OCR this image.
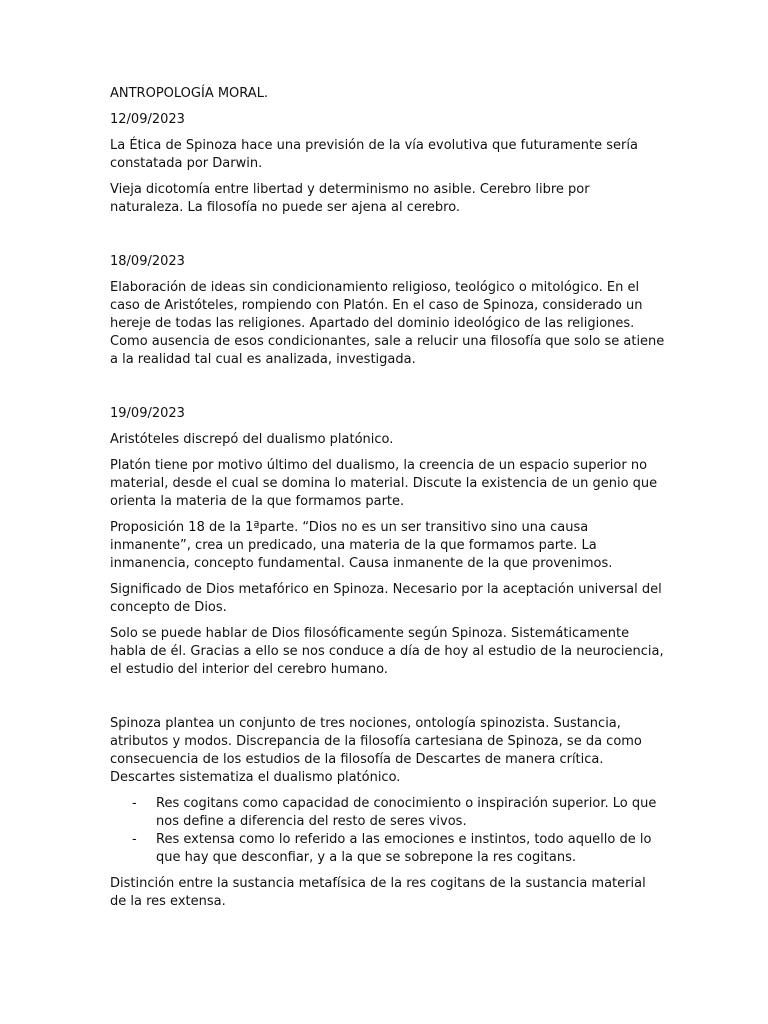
ANTROPOLOGÍA MORAL.

12/09/2023

La Ética de Spinoza hace una previsión de la vía evolutiva que futuramente sería constatada por Darwin.

Vieja dicotomía entre libertad y determinismo no asible. Cerebro libre por naturaleza. La filosofía no puede ser ajena al cerebro.

18/09/2023

Elaboración de ideas sin condicionamiento religioso, teológico o mitológico. En el caso de Aristóteles, rompiendo con Platón. En el caso de Spinoza, considerado un hereje de todas las religiones. Apartado del dominio ideológico de las religiones. Como ausencia de esos condicionantes, sale a relucir una filosofía que solo se atiene a la realidad tal cual es analizada, investigada.

19/09/2023

Aristóteles discrepó del dualismo platónico.

Platón tiene por motivo último del dualismo, la creencia de un espacio superior no material, desde el cual se domina lo material. Discute la existencia de un genio que orienta la materia de la que formamos parte.

Proposición 18 de la 1ªparte. “Dios no es un ser transitivo sino una causa inmanente”, crea un predicado, una materia de la que formamos parte. La inmanencia, concepto fundamental. Causa inmanente de la que provenimos.

Significado de Dios metafórico en Spinoza. Necesario por la aceptación universal del concepto de Dios.

Solo se puede hablar de Dios filosóficamente según Spinoza. Sistemáticamente habla de él. Gracias a ello se nos conduce a día de hoy al estudio de la neurociencia, el estudio del interior del cerebro humano.

Spinoza plantea un conjunto de tres nociones, ontología spinozista. Sustancia, atributos y modos. Discrepancia de la filosofía cartesiana de Spinoza, se da como consecuencia de los estudios de la filosofía de Descartes de manera crítica. Descartes sistematiza el dualismo platónico.

- Res cogitans como capacidad de conocimiento o inspiración superior. Lo que nos define a diferencia del resto de seres vivos.
- Res extensa como lo referido a las emociones e instintos, todo aquello de lo que hay que desconfiar, y a la que se sobrepone la res cogitans.

Distinción entre la sustancia metafísica de la res cogitans de la sustancia material de la res extensa.
